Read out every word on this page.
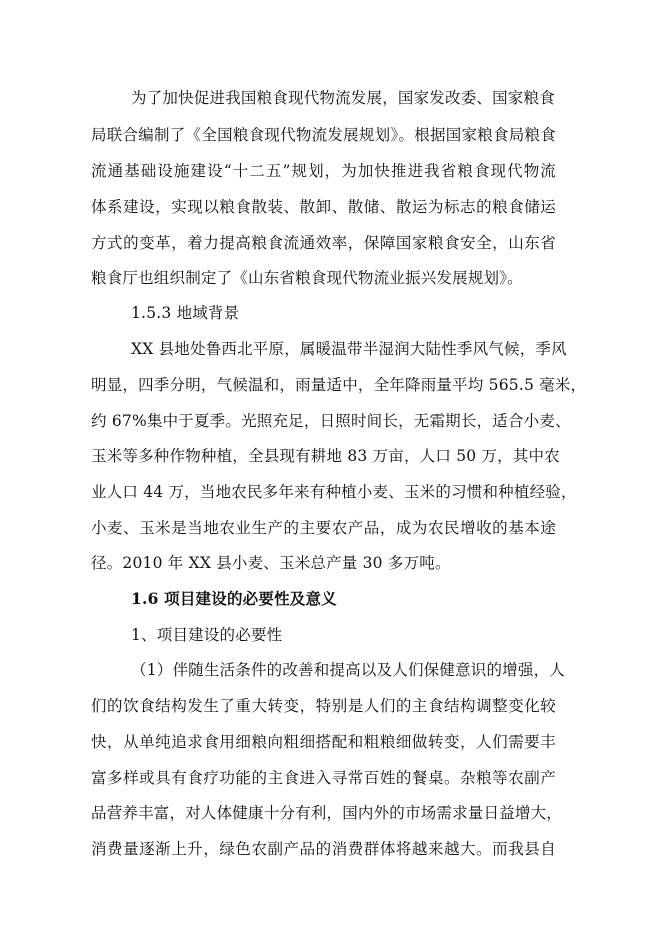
为了加快促进我国粮食现代物流发展，国家发改委、国家粮食
局联合编制了《全国粮食现代物流发展规划》。根据国家粮食局粮食
流通基础设施建设“十二五”规划，为加快推进我省粮食现代物流
体系建设，实现以粮食散装、散卸、散储、散运为标志的粮食储运
方式的变革，着力提高粮食流通效率，保障国家粮食安全，山东省
粮食厅也组织制定了《山东省粮食现代物流业振兴发展规划》。
1.5.3 地域背景
XX 县地处鲁西北平原，属暖温带半湿润大陆性季风气候，季风
明显，四季分明，气候温和，雨量适中，全年降雨量平均 565.5 毫米，
约 67%集中于夏季。光照充足，日照时间长，无霜期长，适合小麦、
玉米等多种作物种植，全县现有耕地 83 万亩，人口 50 万，其中农
业人口 44 万，当地农民多年来有种植小麦、玉米的习惯和种植经验，
小麦、玉米是当地农业生产的主要农产品，成为农民增收的基本途
径。2010 年 XX 县小麦、玉米总产量 30 多万吨。
1.6 项目建设的必要性及意义
1、项目建设的必要性
（1）伴随生活条件的改善和提高以及人们保健意识的增强，人
们的饮食结构发生了重大转变，特别是人们的主食结构调整变化较
快，从单纯追求食用细粮向粗细搭配和粗粮细做转变，人们需要丰
富多样或具有食疗功能的主食进入寻常百姓的餐桌。杂粮等农副产
品营养丰富，对人体健康十分有利，国内外的市场需求量日益增大，
消费量逐渐上升，绿色农副产品的消费群体将越来越大。而我县自
